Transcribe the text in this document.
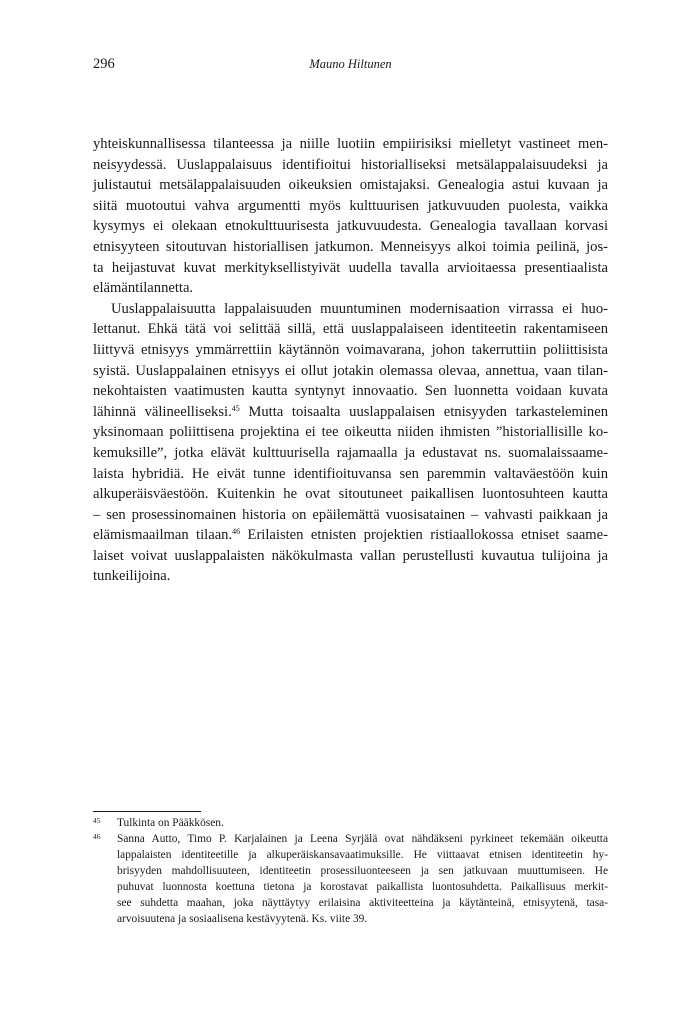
296	Mauno Hiltunen
yhteiskunnallisessa tilanteessa ja niille luotiin empiirisiksi mielletyt vastineet men-
neisyydessä. Uuslappalaisuus identifioitui historialliseksi metsälappalaisuudeksi ja
julistautui metsälappalaisuuden oikeuksien omistajaksi. Genealogia astui kuvaan ja
siitä muotoutui vahva argumentti myös kulttuurisen jatkuvuuden puolesta, vaikka
kysymys ei olekaan etnokulttuurisesta jatkuvuudesta. Genealogia tavallaan korvasi
etnisyyteen sitoutuvan historiallisen jatkumon. Menneisyys alkoi toimia peilinä, jos-
ta heijastuvat kuvat merkityksellistyivät uudella tavalla arvioitaessa presentiaalista
elämäntilannetta.
Uuslappalaisuutta lappalaisuuden muuntuminen modernisaation virrassa ei huo-
lettanut. Ehkä tätä voi selittää sillä, että uuslappalaiseen identiteetin rakentamiseen
liittyvä etnisyys ymmärrettiin käytännön voimavarana, johon takerruttiin poliittisista
syistä. Uuslappalainen etnisyys ei ollut jotakin olemassa olevaa, annettua, vaan tilan-
nekohtaisten vaatimusten kautta syntynyt innovaatio. Sen luonnetta voidaan kuvata
lähinnä välineelliseksi.$^{45}$ Mutta toisaalta uuslappalaisen etnisyyden tarkasteleminen
yksinomaan poliittisena projektina ei tee oikeutta niiden ihmisten ”historiallisille ko-
kemuksille”, jotka elävät kulttuurisella rajamaalla ja edustavat ns. suomalaissaame-
laista hybridiä. He eivät tunne identifioituvansa sen paremmin valtaväestöön kuin
alkuperäisväestöön. Kuitenkin he ovat sitoutuneet paikallisen luontosuhteen kautta
– sen prosessinomainen historia on epäilemättä vuosisatainen – vahvasti paikkaan ja
elämismaailman tilaan.$^{46}$ Erilaisten etnisten projektien ristiaallokossa etniset saame-
laiset voivat uuslappalaisten näkökulmasta vallan perustellusti kuvautua tulijoina ja
tunkeilijoina.
45 Tulkinta on Pääkkösen.
46 Sanna Autto, Timo P. Karjalainen ja Leena Syrjälä ovat nähdäkseni pyrkineet tekemään oikeutta
lappalaisten identiteetille ja alkuperäiskansavaatimuksille. He viittaavat etnisen identiteetin hy-
brisyyden mahdollisuuteen, identiteetin prosessiluonteeseen ja sen jatkuvaan muuttumiseen. He
puhuvat luonnosta koettuna tietona ja korostavat paikallista luontosuhdetta. Paikallisuus merkit-
see suhdetta maahan, joka näyttäytyy erilaisina aktiviteetteina ja käytänteinä, etnisyytenä, tasa-
arvoisuutena ja sosiaalisena kestävyytenä. Ks. viite 39.
